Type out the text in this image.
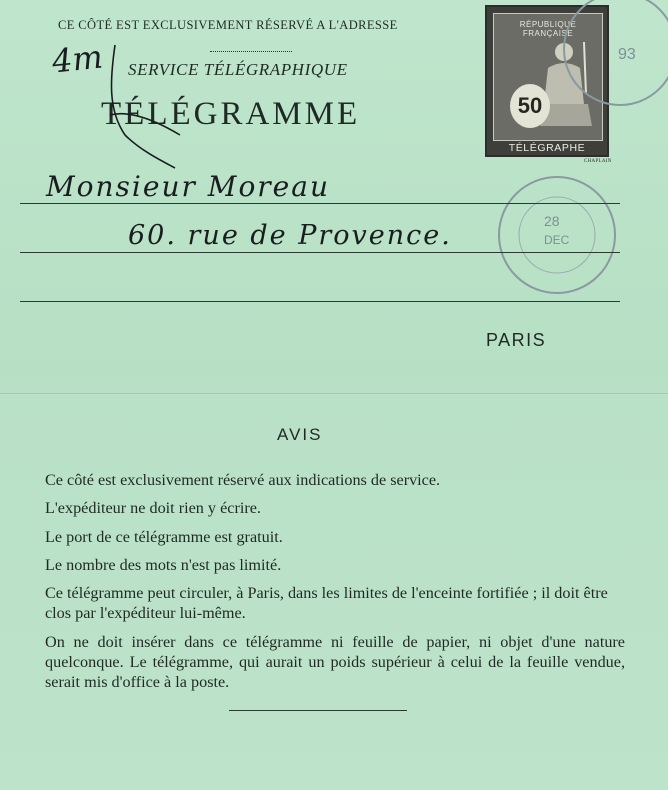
CE CÔTÉ EST EXCLUSIVEMENT RÉSERVÉ A L'ADRESSE
SERVICE TÉLÉGRAPHIQUE
TÉLÉGRAMME
4m
RÉPUBLIQUE FRANÇAISE
50
TÉLÉGRAPHE
CHAPLAIN
93
28
DEC
Monsieur Moreau
60. rue de Provence.
PARIS
AVIS
Ce côté est exclusivement réservé aux indications de service.
L'expéditeur ne doit rien y écrire.
Le port de ce télégramme est gratuit.
Le nombre des mots n'est pas limité.
Ce télégramme peut circuler, à Paris, dans les limites de l'enceinte fortifiée ; il doit être clos par l'expéditeur lui-même.
On ne doit insérer dans ce télégramme ni feuille de papier, ni objet d'une nature quelconque. Le télégramme, qui aurait un poids supérieur à celui de la feuille vendue, serait mis d'office à la poste.
